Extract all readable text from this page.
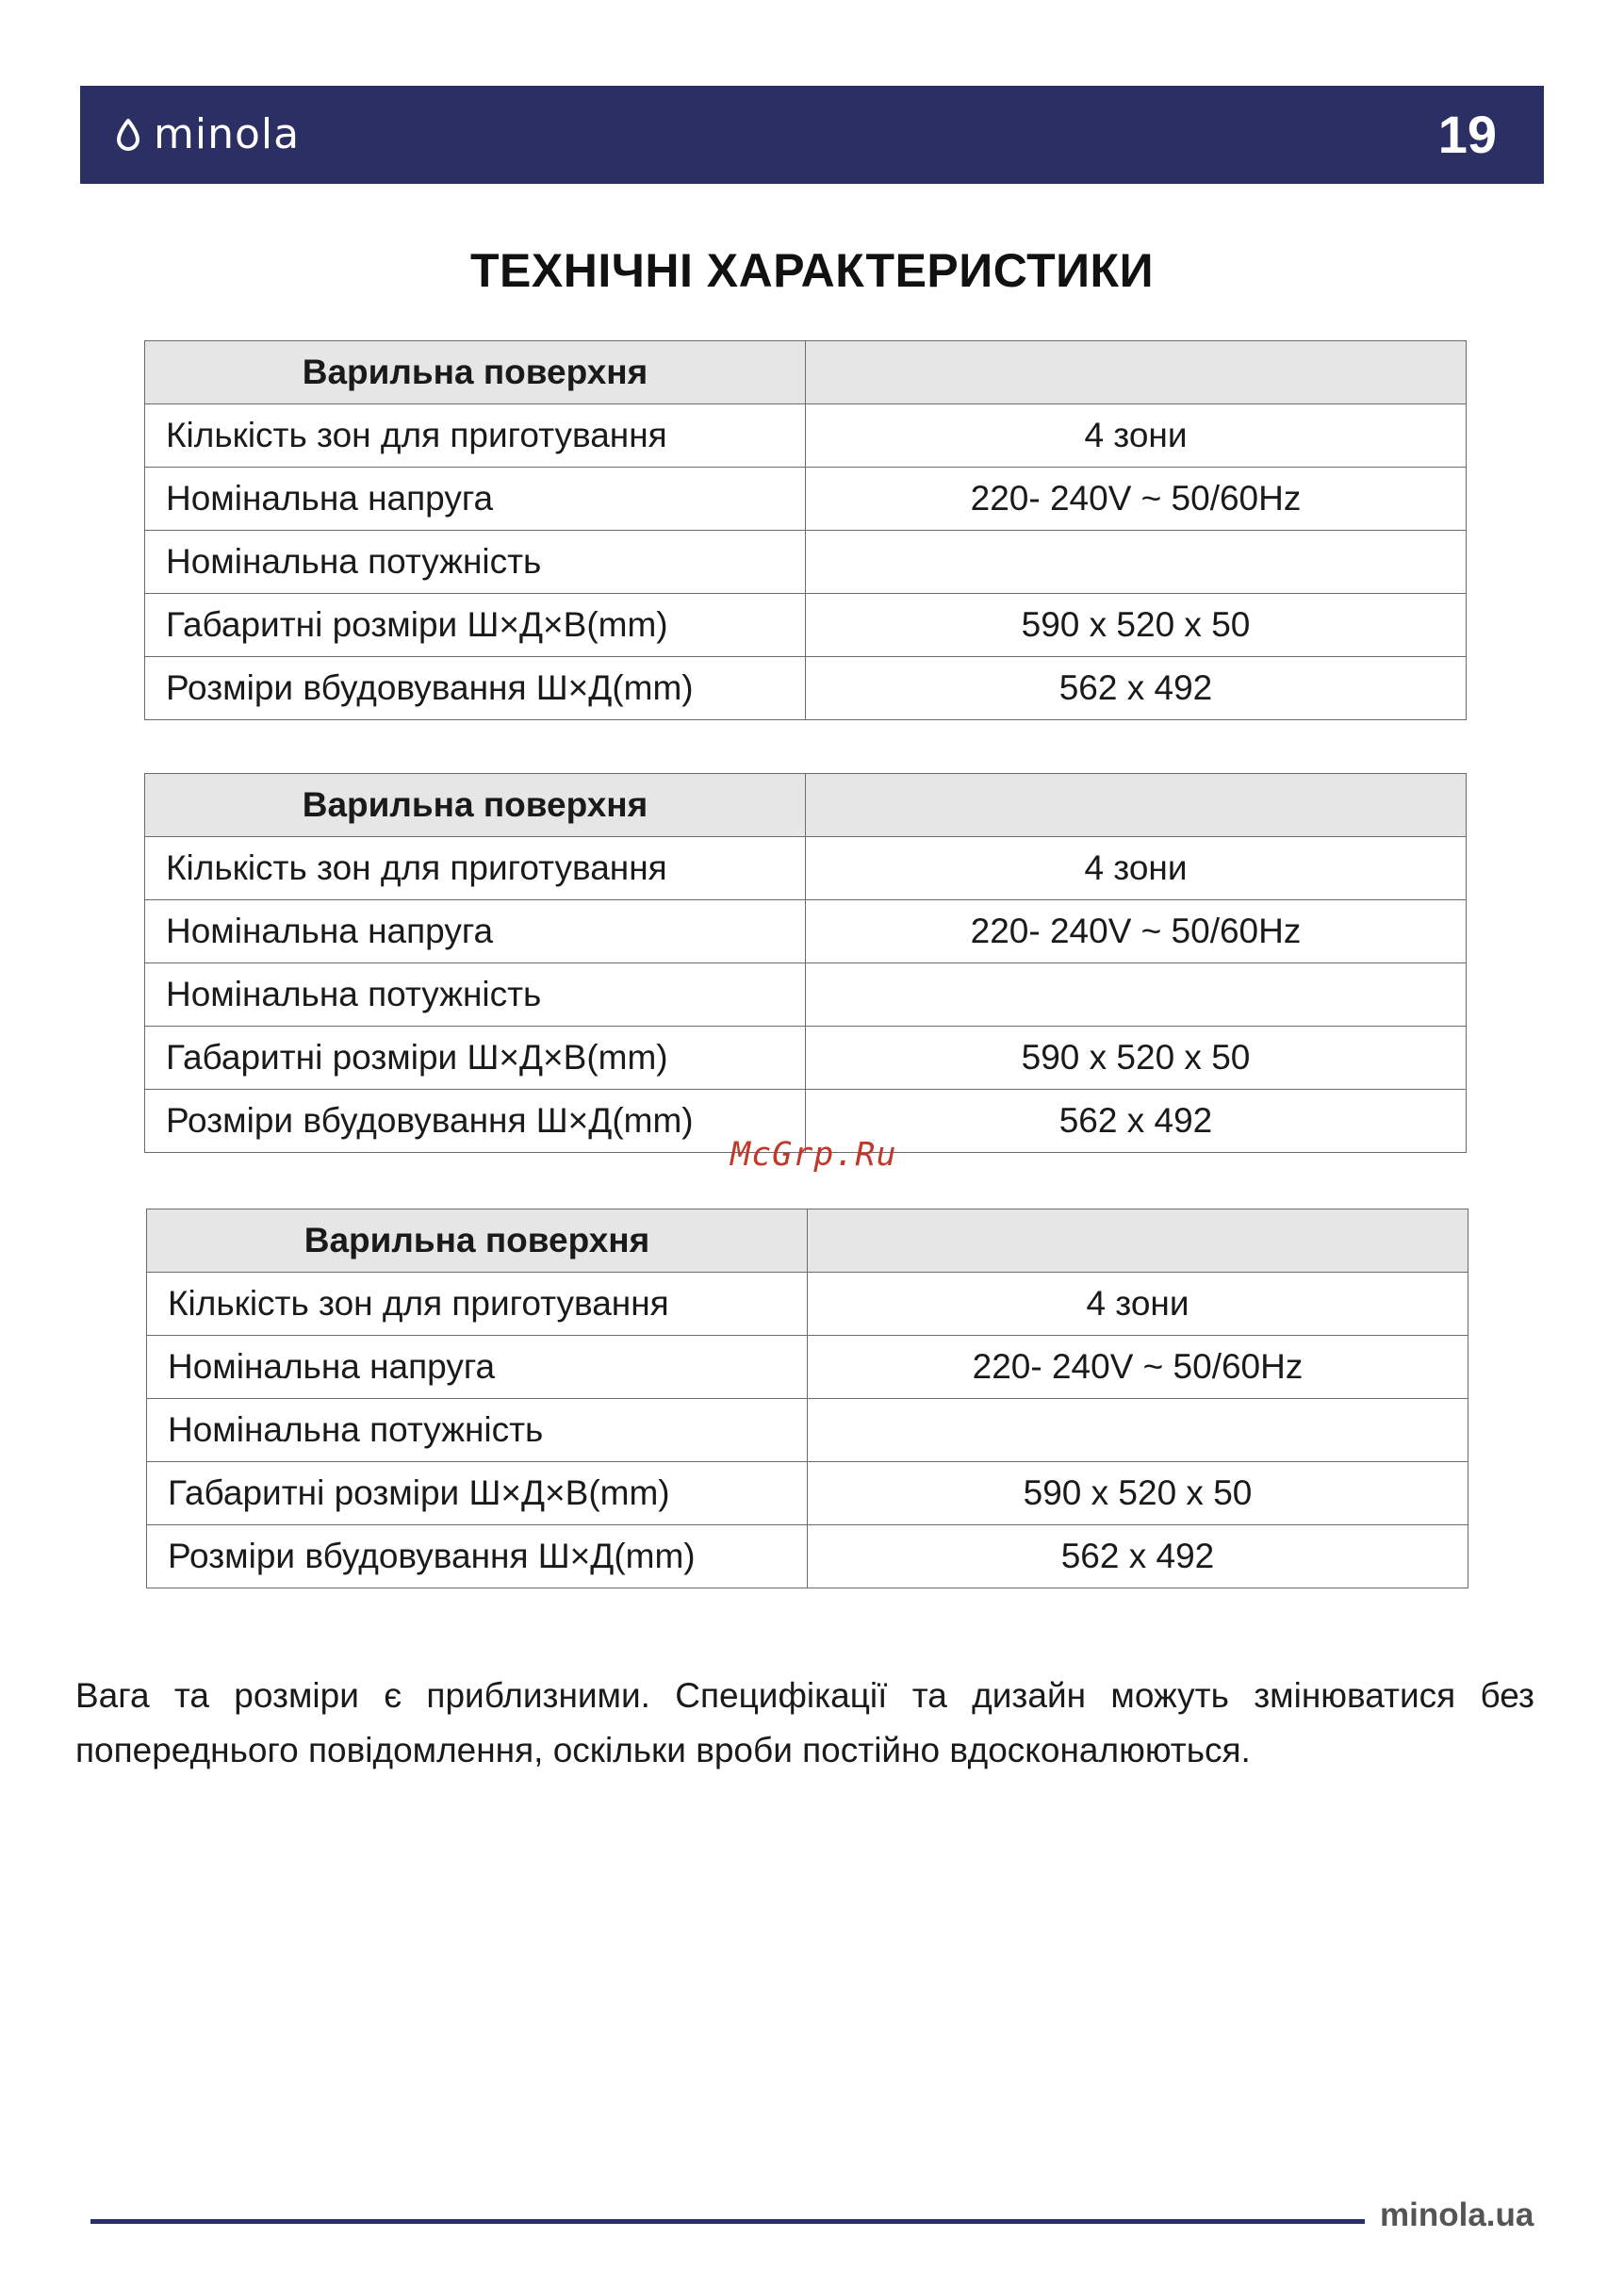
minola	19
ТЕХНІЧНІ ХАРАКТЕРИСТИКИ
Варильна поверхня	
Кількість зон для приготування	4 зони
Номінальна напруга	220- 240V ~ 50/60Hz
Номінальна потужність	
Габаритні розміри Ш×Д×В(mm)	590 x 520 x 50
Розміри вбудовування Ш×Д(mm)	562 x 492
Варильна поверхня	
Кількість зон для приготування	4 зони
Номінальна напруга	220- 240V ~ 50/60Hz
Номінальна потужність	
Габаритні розміри Ш×Д×В(mm)	590 x 520 x 50
Розміри вбудовування Ш×Д(mm)	562 x 492
McGrp.Ru
Варильна поверхня	
Кількість зон для приготування	4 зони
Номінальна напруга	220- 240V ~ 50/60Hz
Номінальна потужність	
Габаритні розміри Ш×Д×В(mm)	590 x 520 x 50
Розміри вбудовування Ш×Д(mm)	562 x 492

Вага та розміри є приблизними. Специфікації та дизайн можуть змінюватися без попереднього повідомлення, оскільки вроби постійно вдосконалюються.

minola.ua
